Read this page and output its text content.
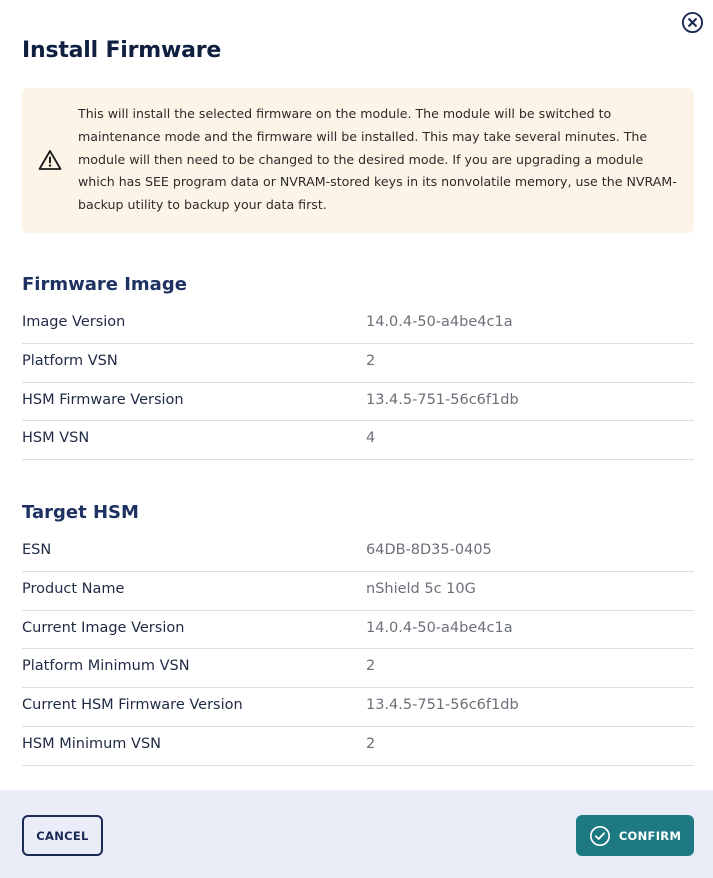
Install Firmware

This will install the selected firmware on the module. The module will be switched to maintenance mode and the firmware will be installed. This may take several minutes. The module will then need to be changed to the desired mode. If you are upgrading a module which has SEE program data or NVRAM-stored keys in its nonvolatile memory, use the NVRAM-backup utility to backup your data first.

Firmware Image
Image Version	14.0.4-50-a4be4c1a
Platform VSN	2
HSM Firmware Version	13.4.5-751-56c6f1db
HSM VSN	4
Target HSM
ESN	64DB-8D35-0405
Product Name	nShield 5c 10G
Current Image Version	14.0.4-50-a4be4c1a
Platform Minimum VSN	2
Current HSM Firmware Version	13.4.5-751-56c6f1db
HSM Minimum VSN	2
CANCEL	CONFIRM
